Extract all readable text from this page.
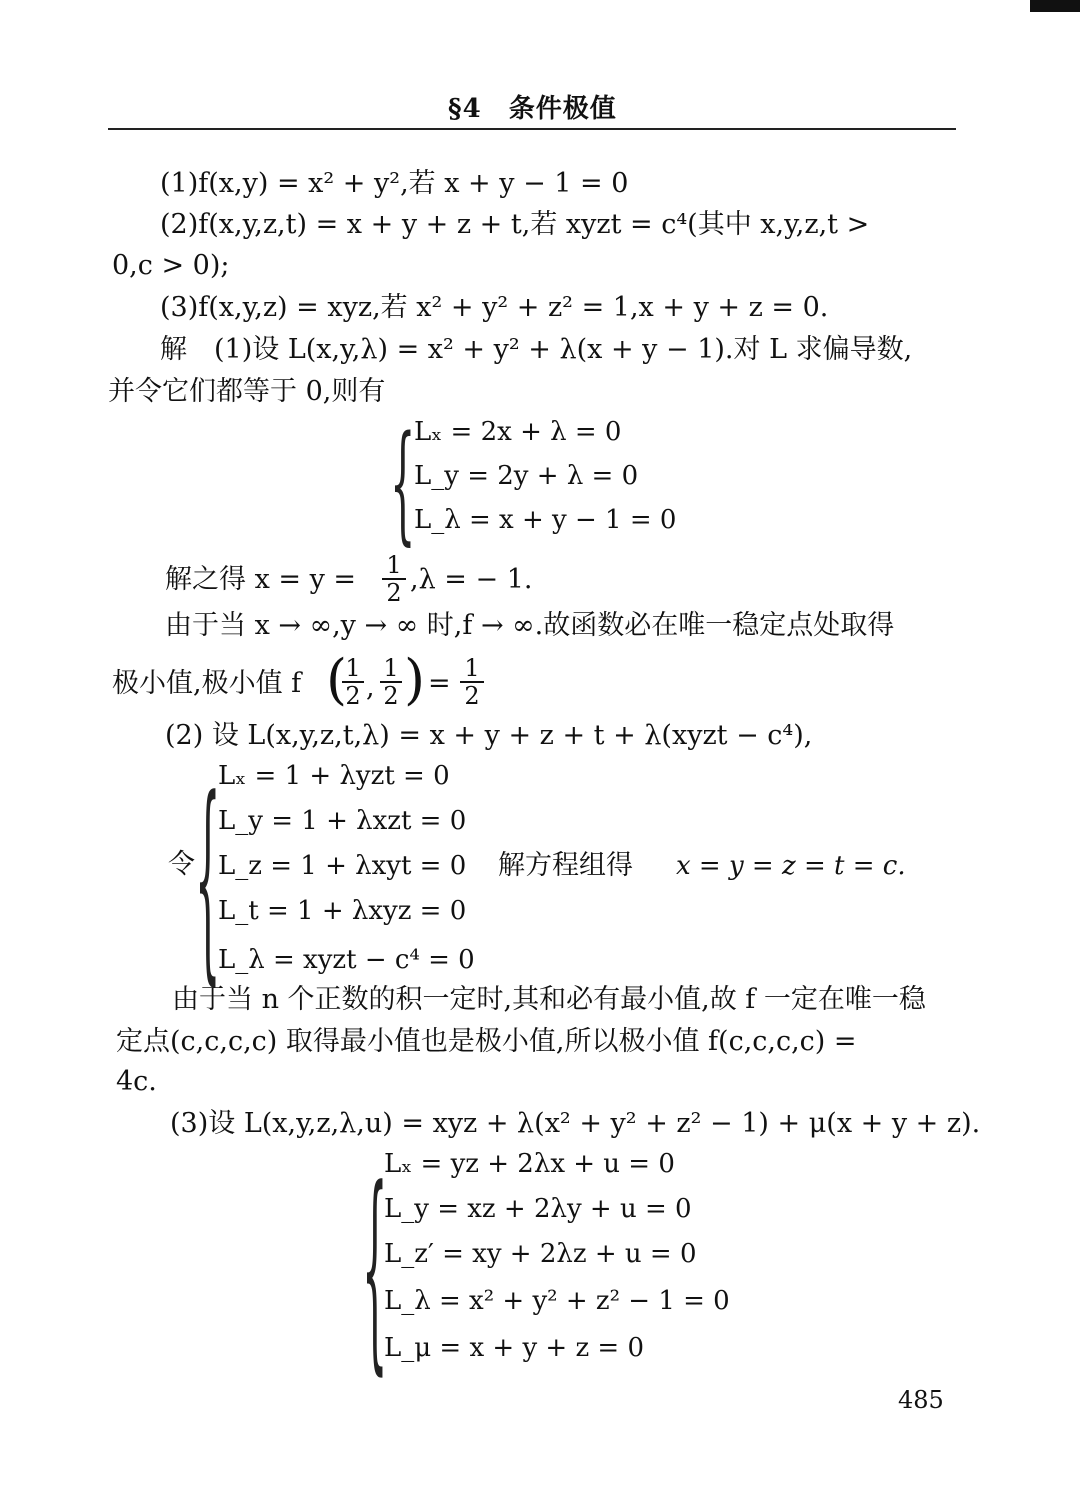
§4　条件极值
(1)f(x,y) = x² + y²,若 x + y − 1 = 0
(2)f(x,y,z,t) = x + y + z + t,若 xyzt = c⁴(其中 x,y,z,t >
0,c > 0);
(3)f(x,y,z) = xyz,若 x² + y² + z² = 1,x + y + z = 0.
解　(1)设 L(x,y,λ) = x² + y² + λ(x + y − 1).对 L 求偏导数,
并令它们都等于 0,则有
{
Lₓ = 2x + λ = 0
L_y = 2y + λ = 0
L_λ = x + y − 1 = 0
解之得 $x = y = \frac{1}{2} ,\lambda$ = − 1.
由于当 x → ∞,y → ∞ 时,f → ∞.故函数必在唯一稳定点处取得
极小值,极小值 f (
$\frac{1}{2}$ , $\frac{1}{2}$ ) = $\frac{1}{2}$
(2) 设 L(x,y,z,t,λ) = x + y + z + t + λ(xyzt − c⁴),
令 {
Lₓ = 1 + λyzt = 0
L_y = 1 + λxzt = 0
L_z = 1 + λxyt = 0
L_t = 1 + λxyz = 0
L_λ = xyzt − c⁴ = 0
解方程组得 x = y = z = t = c.
由于当 n 个正数的积一定时,其和必有最小值,故 f 一定在唯一稳
定点(c,c,c,c) 取得最小值也是极小值,所以极小值 f(c,c,c,c) =
4c.
(3)设 L(x,y,z,λ,u) = xyz + λ(x² + y² + z² − 1) + μ(x + y + z).
{
Lₓ = yz + 2λx + u = 0
L_y = xz + 2λy + u = 0
L_z′ = xy + 2λz + u = 0
L_λ = x² + y² + z² − 1 = 0
L_μ = x + y + z = 0
485
